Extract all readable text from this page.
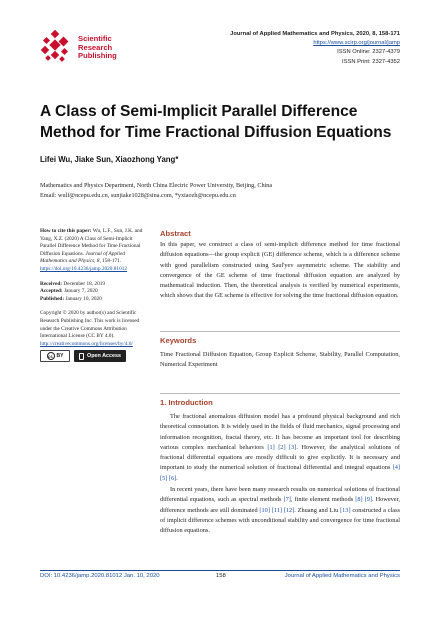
Scientific
Research
Publishing
Journal of Applied Mathematics and Physics, 2020, 8, 158-171
https://www.scirp.org/journal/jamp
ISSN Online: 2327-4379
ISSN Print: 2327-4352
A Class of Semi-Implicit Parallel Difference Method for Time Fractional Diffusion Equations
Lifei Wu, Jiake Sun, Xiaozhong Yang*
Mathematics and Physics Department, North China Electric Power University, Beijing, China
Email: wulf@ncepu.edu.cn, sunjiake1028@sina.com, *yxiaozh@ncepu.edu.cn
How to cite this paper: Wu, L.F., Sun, J.K. and Yang, X.Z. (2020) A Class of Semi-Implicit Parallel Difference Method for Time Fractional Diffusion Equations. Journal of Applied Mathematics and Physics, 8, 158-171.
https://doi.org/10.4236/jamp.2020.81012
Received: December 18, 2019
Accepted: January 7, 2020
Published: January 10, 2020
Copyright © 2020 by author(s) and Scientific Research Publishing Inc. This work is licensed under the Creative Commons Attribution International License (CC BY 4.0).
http://creativecommons.org/licenses/by/4.0/
cc BY	Open Access
Abstract
In this paper, we construct a class of semi-implicit difference method for time fractional diffusion equations—the group explicit (GE) difference scheme, which is a difference scheme with good parallelism constructed using Saul'yev asymmetric scheme. The stability and convergence of the GE scheme of time fractional diffusion equation are analyzed by mathematical induction. Then, the theoretical analysis is verified by numerical experiments, which shows that the GE scheme is effective for solving the time fractional diffusion equation.
Keywords
Time Fractional Diffusion Equation, Group Explicit Scheme, Stability, Parallel Computation, Numerical Experiment
1. Introduction

The fractional anomalous diffusion model has a profound physical background and rich theoretical connotation. It is widely used in the fields of fluid mechanics, signal processing and information recognition, fractal theory, etc. It has become an important tool for describing various complex mechanical behaviors [1] [2] [3]. However, the analytical solutions of fractional differential equations are mostly difficult to give explicitly. It is necessary and important to study the numerical solution of fractional differential and integral equations [4] [5] [6].

In recent years, there have been many research results on numerical solutions of fractional differential equations, such as spectral methods [7], finite element methods [8] [9]. However, difference methods are still dominated [10] [11] [12]. Zhuang and Liu [13] constructed a class of implicit difference schemes with unconditional stability and convergence for time fractional diffusion equations.

DOI: 10.4236/jamp.2020.81012 Jan. 10, 2020	158	Journal of Applied Mathematics and Physics
